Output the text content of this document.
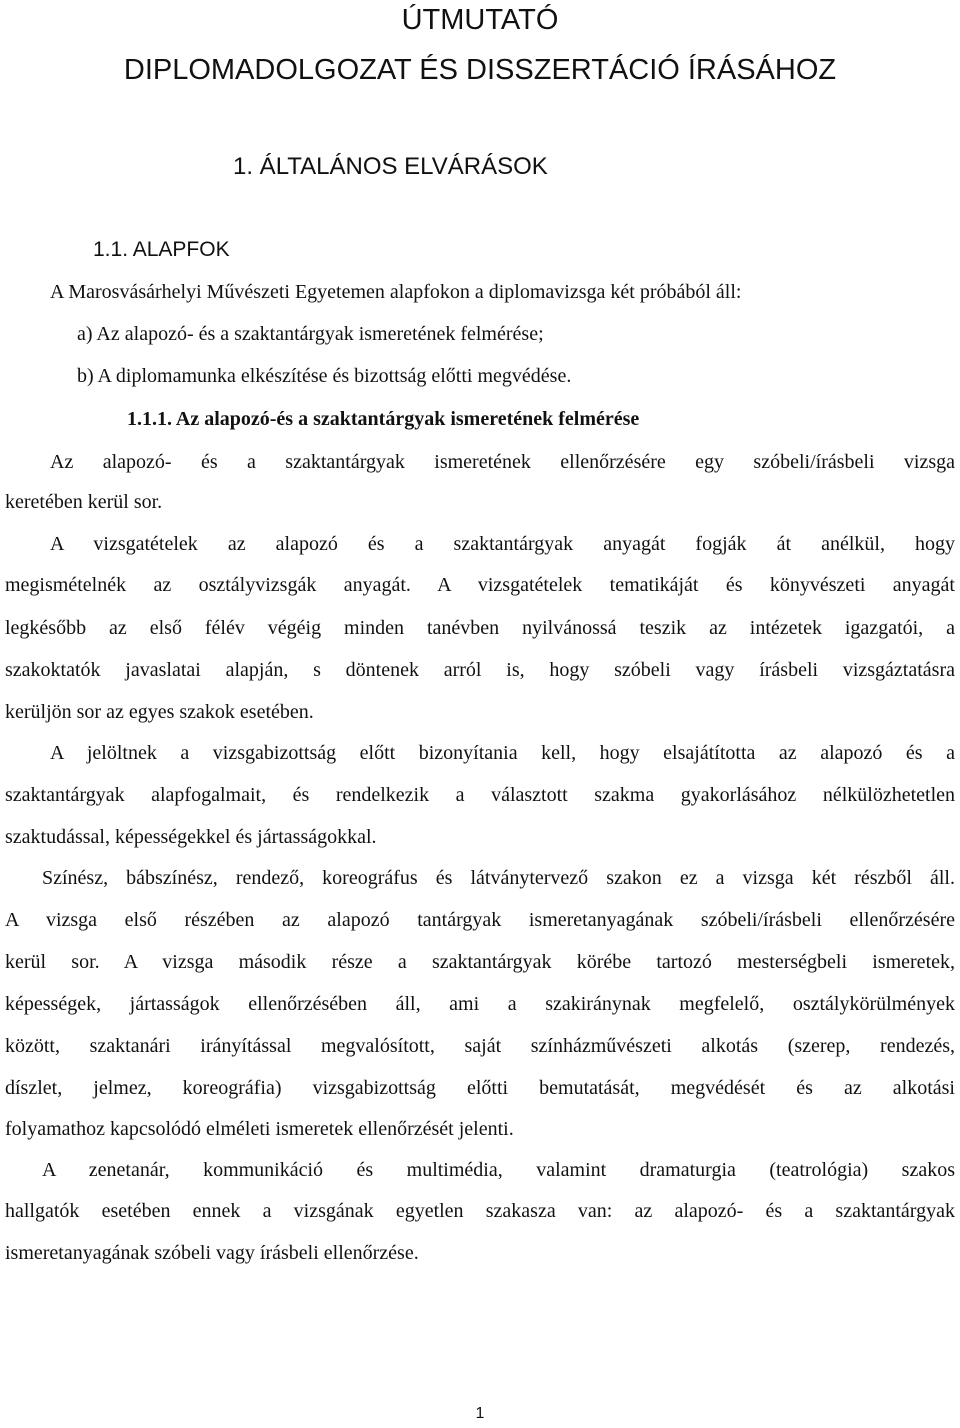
ÚTMUTATÓ
DIPLOMADOLGOZAT ÉS DISSZERTÁCIÓ ÍRÁSÁHOZ
1. ÁLTALÁNOS ELVÁRÁSOK
1.1. ALAPFOK
A Marosvásárhelyi Művészeti Egyetemen alapfokon a diplomavizsga két próbából áll:
a) Az alapozó- és a szaktantárgyak ismeretének felmérése;
b) A diplomamunka elkészítése és bizottság előtti megvédése.
1.1.1. Az alapozó-és a szaktantárgyak ismeretének felmérése
Az alapozó- és a szaktantárgyak ismeretének ellenőrzésére egy szóbeli/írásbeli vizsga
keretében kerül sor.
A vizsgatételek az alapozó és a szaktantárgyak anyagát fogják át anélkül, hogy
megismételnék az osztályvizsgák anyagát. A vizsgatételek tematikáját és könyvészeti anyagát
legkésőbb az első félév végéig minden tanévben nyilvánossá teszik az intézetek igazgatói, a
szakoktatók javaslatai alapján, s döntenek arról is, hogy szóbeli vagy írásbeli vizsgáztatásra
kerüljön sor az egyes szakok esetében.
A jelöltnek a vizsgabizottság előtt bizonyítania kell, hogy elsajátította az alapozó és a
szaktantárgyak alapfogalmait, és rendelkezik a választott szakma gyakorlásához nélkülözhetetlen
szaktudással, képességekkel és jártasságokkal.
Színész, bábszínész, rendező, koreográfus és látványtervező szakon ez a vizsga két részből áll.
A vizsga első részében az alapozó tantárgyak ismeretanyagának szóbeli/írásbeli ellenőrzésére
kerül sor. A vizsga második része a szaktantárgyak körébe tartozó mesterségbeli ismeretek,
képességek, jártasságok ellenőrzésében áll, ami a szakiránynak megfelelő, osztálykörülmények
között, szaktanári irányítással megvalósított, saját színházművészeti alkotás (szerep, rendezés,
díszlet, jelmez, koreográfia) vizsgabizottság előtti bemutatását, megvédését és az alkotási
folyamathoz kapcsolódó elméleti ismeretek ellenőrzését jelenti.
A zenetanár, kommunikáció és multimédia, valamint dramaturgia (teatrológia) szakos
hallgatók esetében ennek a vizsgának egyetlen szakasza van: az alapozó- és a szaktantárgyak
ismeretanyagának szóbeli vagy írásbeli ellenőrzése.
1
